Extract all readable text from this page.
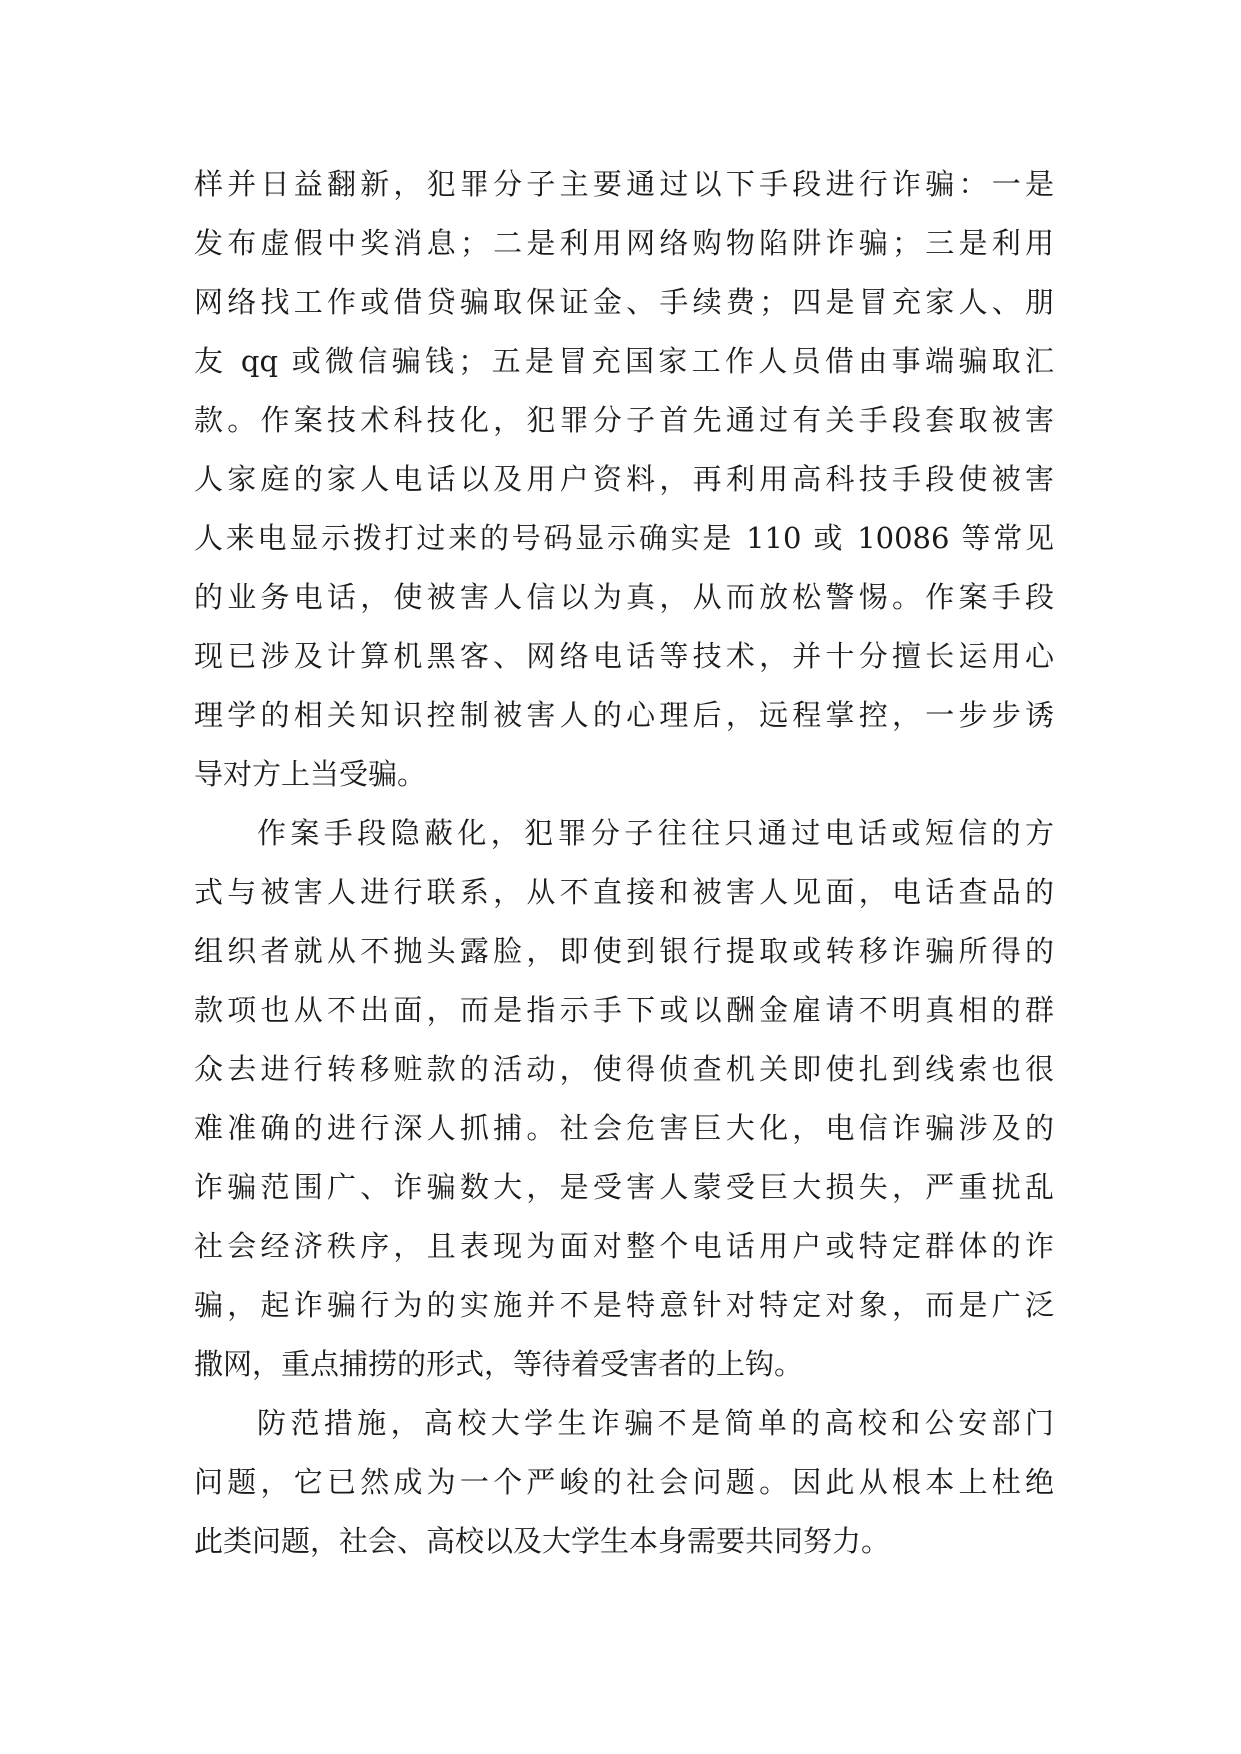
样并日益翻新，犯罪分子主要通过以下手段进行诈骗：一是
发布虚假中奖消息；二是利用网络购物陷阱诈骗；三是利用
网络找工作或借贷骗取保证金、手续费；四是冒充家人、朋
友 qq 或微信骗钱；五是冒充国家工作人员借由事端骗取汇
款。作案技术科技化，犯罪分子首先通过有关手段套取被害
人家庭的家人电话以及用户资料，再利用高科技手段使被害
人来电显示拨打过来的号码显示确实是 110 或 10086 等常见
的业务电话，使被害人信以为真，从而放松警惕。作案手段
现已涉及计算机黑客、网络电话等技术，并十分擅长运用心
理学的相关知识控制被害人的心理后，远程掌控，一步步诱
导对方上当受骗。
作案手段隐蔽化，犯罪分子往往只通过电话或短信的方
式与被害人进行联系，从不直接和被害人见面，电话查品的
组织者就从不抛头露脸，即使到银行提取或转移诈骗所得的
款项也从不出面，而是指示手下或以酬金雇请不明真相的群
众去进行转移赃款的活动，使得侦查机关即使扎到线索也很
难准确的进行深人抓捕。社会危害巨大化，电信诈骗涉及的
诈骗范围广、诈骗数大，是受害人蒙受巨大损失，严重扰乱
社会经济秩序，且表现为面对整个电话用户或特定群体的诈
骗，起诈骗行为的实施并不是特意针对特定对象，而是广泛
撒网，重点捕捞的形式，等待着受害者的上钩。
防范措施，高校大学生诈骗不是简单的高校和公安部门
问题，它已然成为一个严峻的社会问题。因此从根本上杜绝
此类问题，社会、高校以及大学生本身需要共同努力。
